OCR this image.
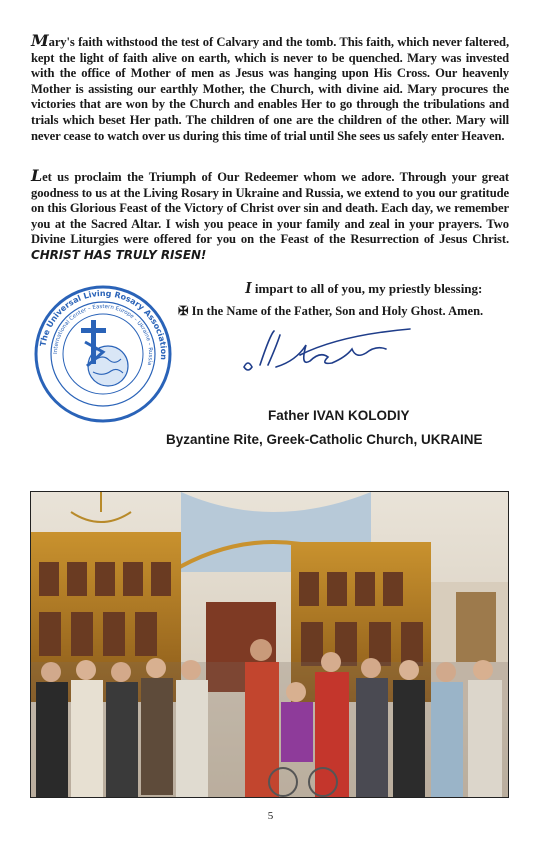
Mary's faith withstood the test of Calvary and the tomb. This faith, which never faltered, kept the light of faith alive on earth, which is never to be quenched. Mary was invested with the office of Mother of men as Jesus was hanging upon His Cross. Our heavenly Mother is assisting our earthly Mother, the Church, with divine aid. Mary procures the victories that are won by the Church and enables Her to go through the tribulations and trials which beset Her path. The children of one are the children of the other. Mary will never cease to watch over us during this time of trial until She sees us safely enter Heaven.
Let us proclaim the Triumph of Our Redeemer whom we adore. Through your great goodness to us at the Living Rosary in Ukraine and Russia, we extend to you our gratitude on this Glorious Feast of the Victory of Christ over sin and death. Each day, we remember you at the Sacred Altar. I wish you peace in your family and zeal in your prayers. Two Divine Liturgies were offered for you on the Feast of the Resurrection of Jesus Christ. CHRIST HAS TRULY RISEN!
I impart to all of you, my priestly blessing:
✠ In the Name of the Father, Son and Holy Ghost. Amen.
The Universal Living Rosary Association
International Center – Eastern Europe – Ukraine – Russia
Father IVAN KOLODIY
Byzantine Rite, Greek-Catholic Church, UKRAINE
5
